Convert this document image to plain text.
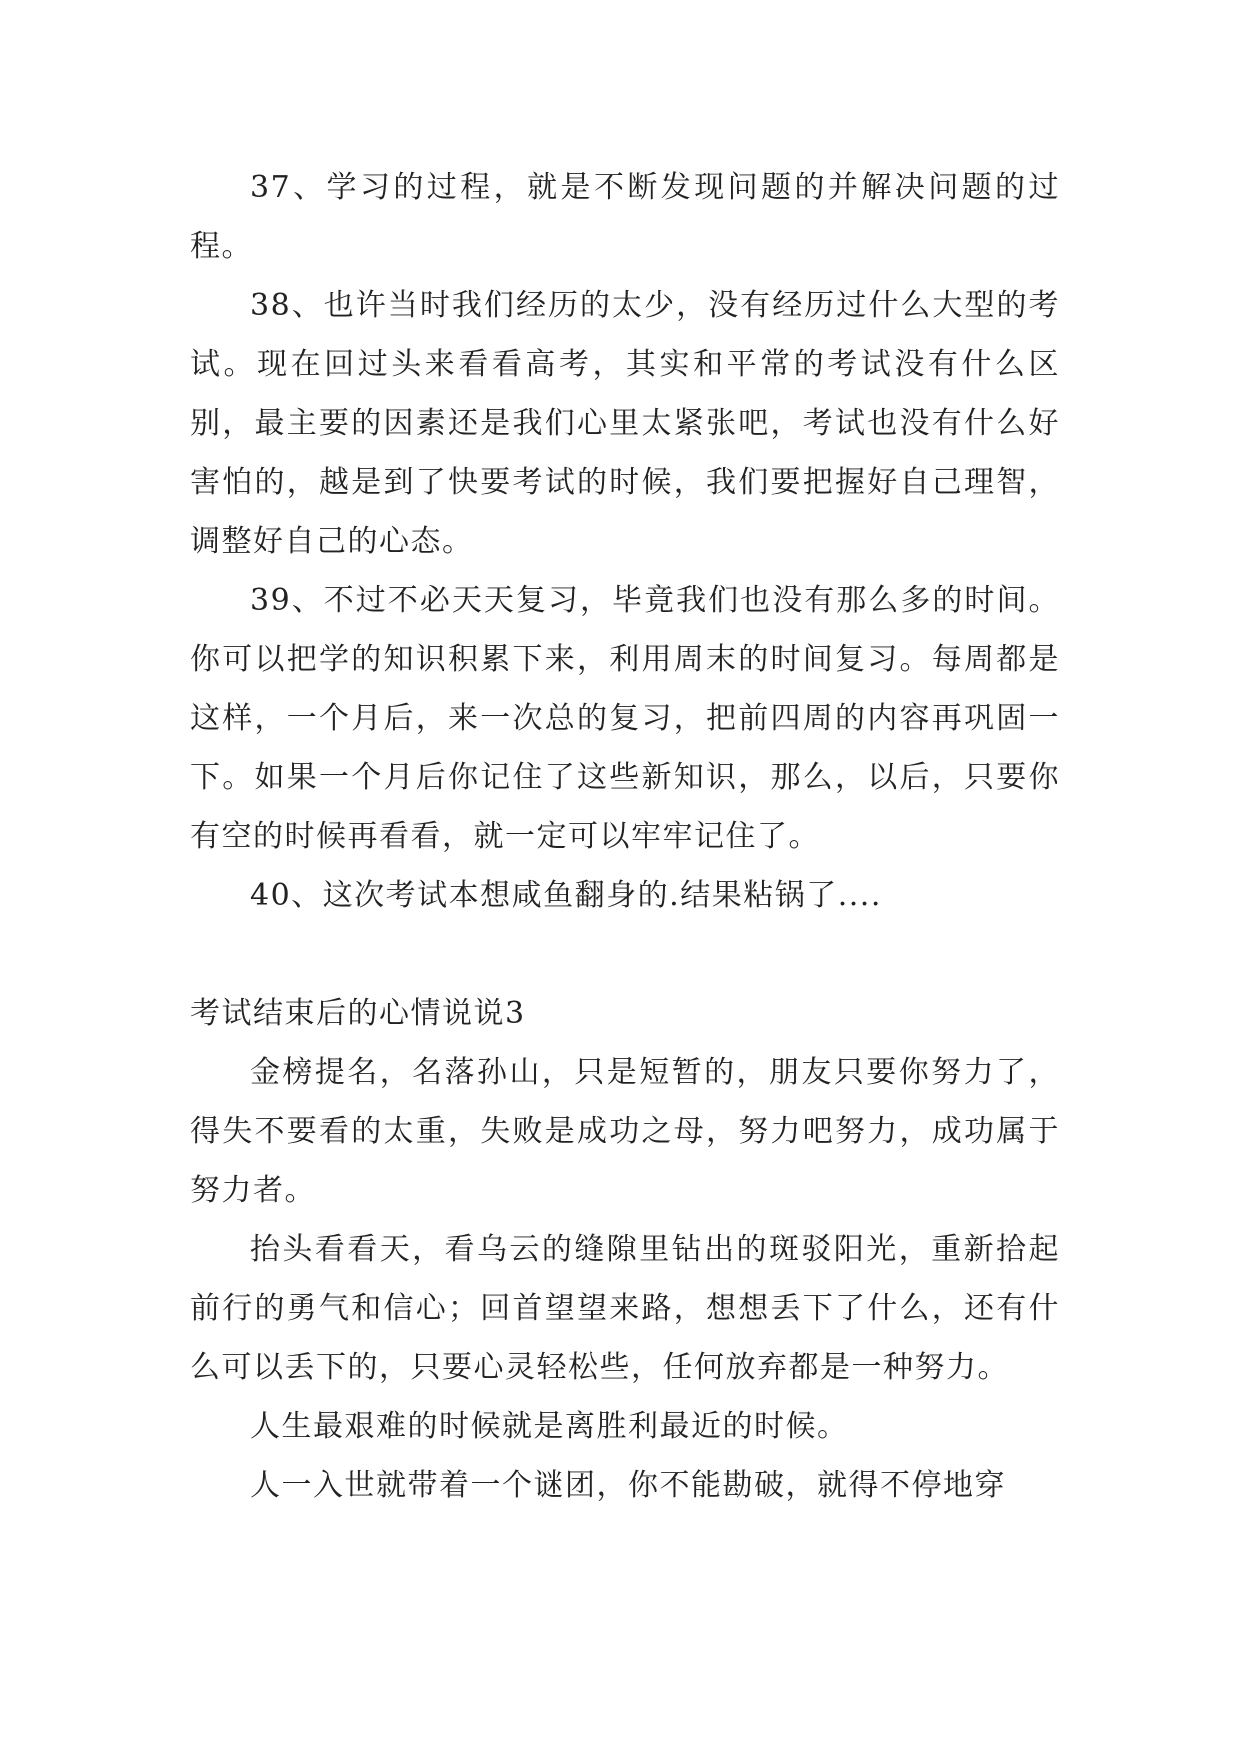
37、学习的过程，就是不断发现问题的并解决问题的过程。

38、也许当时我们经历的太少，没有经历过什么大型的考试。现在回过头来看看高考，其实和平常的考试没有什么区别，最主要的因素还是我们心里太紧张吧，考试也没有什么好害怕的，越是到了快要考试的时候，我们要把握好自己理智，调整好自己的心态。

39、不过不必天天复习，毕竟我们也没有那么多的时间。你可以把学的知识积累下来，利用周末的时间复习。每周都是这样，一个月后，来一次总的复习，把前四周的内容再巩固一下。如果一个月后你记住了这些新知识，那么，以后，只要你有空的时候再看看，就一定可以牢牢记住了。

40、这次考试本想咸鱼翻身的.结果粘锅了....

考试结束后的心情说说3

金榜提名，名落孙山，只是短暂的，朋友只要你努力了，得失不要看的太重，失败是成功之母，努力吧努力，成功属于努力者。

抬头看看天，看乌云的缝隙里钻出的斑驳阳光，重新拾起前行的勇气和信心；回首望望来路，想想丢下了什么，还有什么可以丢下的，只要心灵轻松些，任何放弃都是一种努力。

人生最艰难的时候就是离胜利最近的时候。

人一入世就带着一个谜团，你不能勘破，就得不停地穿
